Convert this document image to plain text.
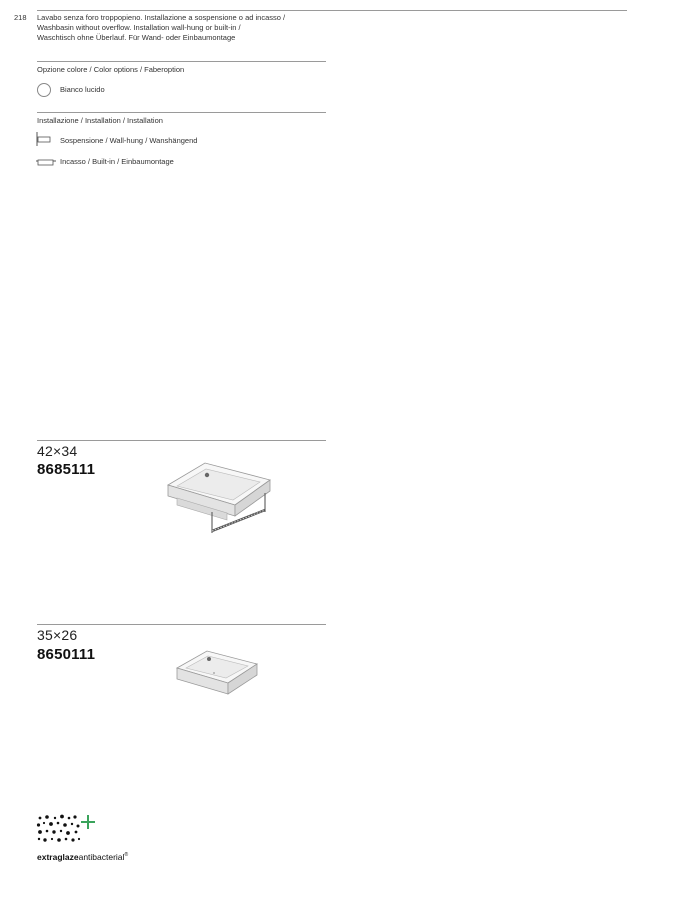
218 Lavabo senza foro troppopieno. Installazione a sospensione o ad incasso /
Washbasin without overflow. Installation wall-hung or built-in /
Waschtisch ohne Überlauf. Für Wand- oder Einbaumontage
Opzione colore / Color options / Faberoption
Bianco lucido
Installazione / Installation / Installation
Sospensione / Wall-hung / Wanshängend
Incasso / Built-in / Einbaumontage
42×34
8685111
35×26
8650111
extraglazeantibacterial®
